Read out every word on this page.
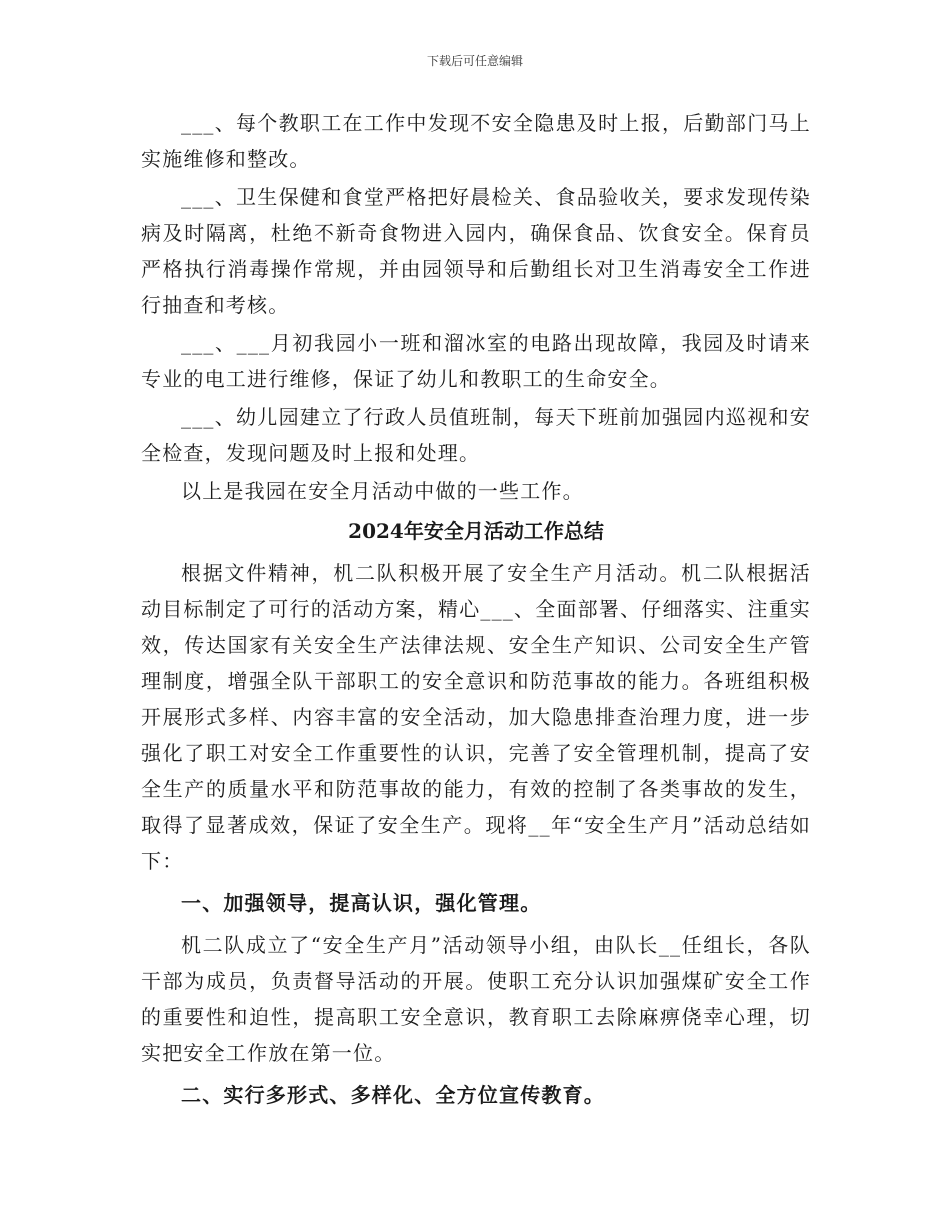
下载后可任意编辑

___、每个教职工在工作中发现不安全隐患及时上报，后勤部门马上实施维修和整改。

___、卫生保健和食堂严格把好晨检关、食品验收关，要求发现传染病及时隔离，杜绝不新奇食物进入园内，确保食品、饮食安全。保育员严格执行消毒操作常规，并由园领导和后勤组长对卫生消毒安全工作进行抽查和考核。

___、___月初我园小一班和溜冰室的电路出现故障，我园及时请来专业的电工进行维修，保证了幼儿和教职工的生命安全。

___、幼儿园建立了行政人员值班制，每天下班前加强园内巡视和安全检查，发现问题及时上报和处理。

以上是我园在安全月活动中做的一些工作。

2024年安全月活动工作总结

根据文件精神，机二队积极开展了安全生产月活动。机二队根据活动目标制定了可行的活动方案，精心___、全面部署、仔细落实、注重实效，传达国家有关安全生产法律法规、安全生产知识、公司安全生产管理制度，增强全队干部职工的安全意识和防范事故的能力。各班组积极开展形式多样、内容丰富的安全活动，加大隐患排查治理力度，进一步强化了职工对安全工作重要性的认识，完善了安全管理机制，提高了安全生产的质量水平和防范事故的能力，有效的控制了各类事故的发生，取得了显著成效，保证了安全生产。现将__年“安全生产月”活动总结如下：

一、加强领导，提高认识，强化管理。

机二队成立了“安全生产月”活动领导小组，由队长__任组长，各队干部为成员，负责督导活动的开展。使职工充分认识加强煤矿安全工作的重要性和迫性，提高职工安全意识，教育职工去除麻痹侥幸心理，切实把安全工作放在第一位。

二、实行多形式、多样化、全方位宣传教育。
